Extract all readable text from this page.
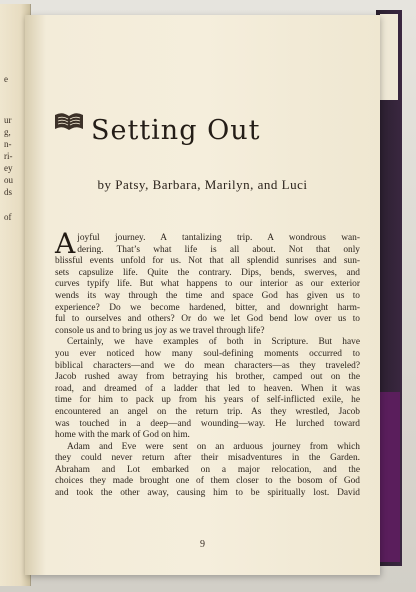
e
ur
g,
n-
ri-
ey
ou
ds
of
Setting Out

by Patsy, Barbara, Marilyn, and Luci

A joyful journey. A tantalizing trip. A wondrous wan-
dering. That’s what life is all about. Not that only
blissful events unfold for us. Not that all splendid sunrises and sun-
sets capsulize life. Quite the contrary. Dips, bends, swerves, and
curves typify life. But what happens to our interior as our exterior
wends its way through the time and space God has given us to
experience? Do we become hardened, bitter, and downright harm-
ful to ourselves and others? Or do we let God bend low over us to
console us and to bring us joy as we travel through life?
Certainly, we have examples of both in Scripture. But have
you ever noticed how many soul-defining moments occurred to
biblical characters—and we do mean characters—as they traveled?
Jacob rushed away from betraying his brother, camped out on the
road, and dreamed of a ladder that led to heaven. When it was
time for him to pack up from his years of self-inflicted exile, he
encountered an angel on the return trip. As they wrestled, Jacob
was touched in a deep—and wounding—way. He lurched toward
home with the mark of God on him.
Adam and Eve were sent on an arduous journey from which
they could never return after their misadventures in the Garden.
Abraham and Lot embarked on a major relocation, and the
choices they made brought one of them closer to the bosom of God
and took the other away, causing him to be spiritually lost. David
9
